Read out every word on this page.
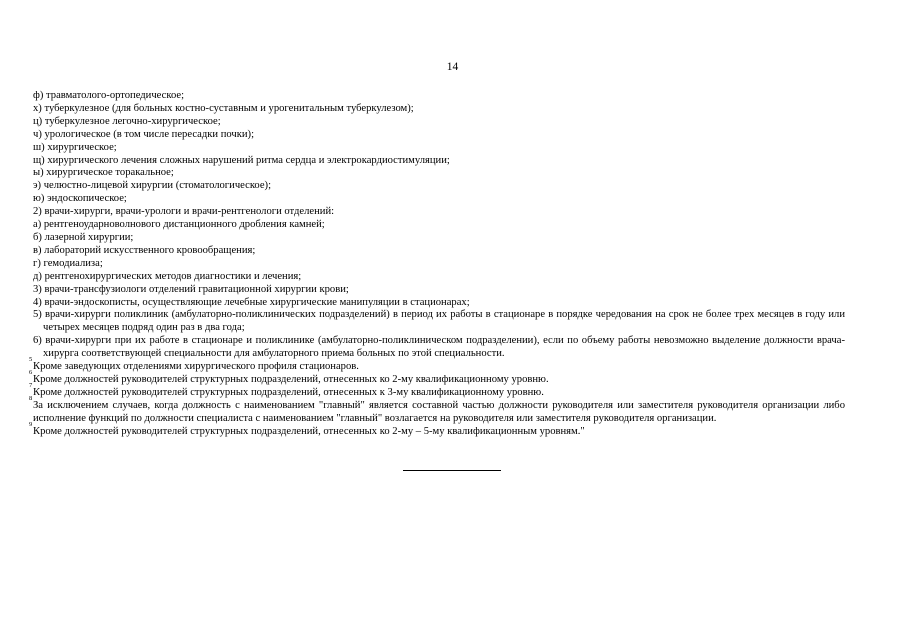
14
ф) травматолого-ортопедическое;
х) туберкулезное (для больных костно-суставным и урогенитальным туберкулезом);
ц) туберкулезное легочно-хирургическое;
ч) урологическое (в том числе пересадки почки);
ш) хирургическое;
щ) хирургического лечения сложных нарушений ритма сердца и электрокардиостимуляции;
ы) хирургическое торакальное;
э) челюстно-лицевой хирургии (стоматологическое);
ю) эндоскопическое;
2) врачи-хирурги, врачи-урологи и врачи-рентгенологи отделений:
а) рентгеноударноволнового дистанционного дробления камней;
б) лазерной хирургии;
в) лабораторий искусственного кровообращения;
г) гемодиализа;
д) рентгенохирургических методов диагностики и лечения;
3) врачи-трансфузиологи отделений гравитационной хирургии крови;
4) врачи-эндоскописты, осуществляющие лечебные хирургические манипуляции в стационарах;
5) врачи-хирурги поликлиник (амбулаторно-поликлинических подразделений) в период их работы в стационаре в порядке чередования на срок не более трех месяцев в году или четырех месяцев подряд один раз в два года;
6) врачи-хирурги при их работе в стационаре и поликлинике (амбулаторно-поликлиническом подразделении), если по объему работы невозможно выделение должности врача-хирурга соответствующей специальности для амбулаторного приема больных по этой специальности.
5
Кроме заведующих отделениями хирургического профиля стационаров.
6
Кроме должностей руководителей структурных подразделений, отнесенных ко 2-му квалификационному уровню.
7
Кроме должностей руководителей структурных подразделений, отнесенных к 3-му квалификационному уровню.
8
За исключением случаев, когда должность с наименованием "главный" является составной частью должности руководителя или заместителя руководителя организации либо исполнение функций по должности специалиста с наименованием "главный" возлагается на руководителя или заместителя руководителя организации.
9
Кроме должностей руководителей структурных подразделений, отнесенных ко 2-му – 5-му квалификационным уровням."
